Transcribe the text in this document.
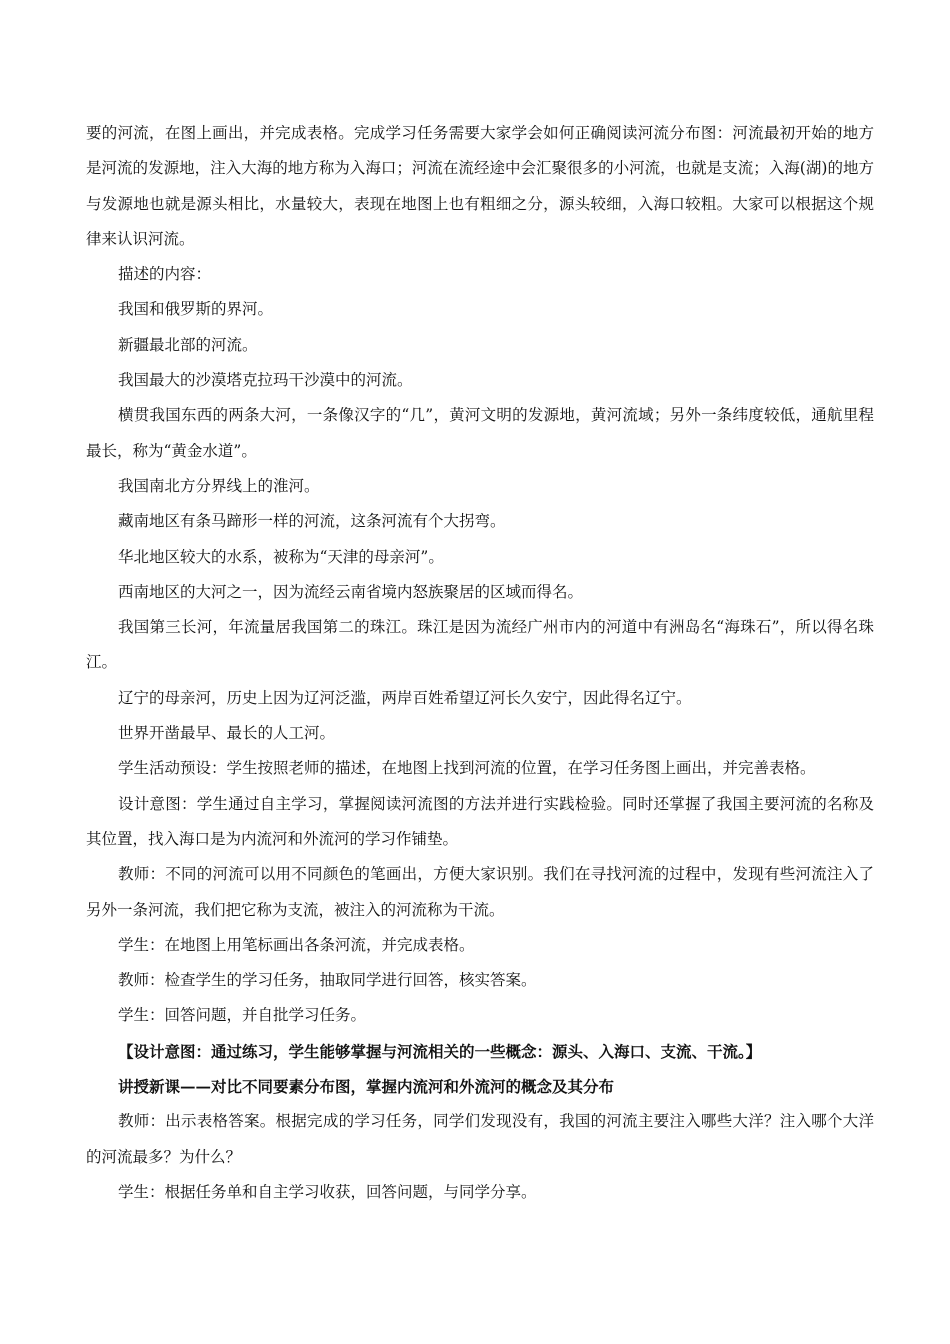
要的河流，在图上画出，并完成表格。完成学习任务需要大家学会如何正确阅读河流分布图：河流最初开始的地方是河流的发源地，注入大海的地方称为入海口；河流在流经途中会汇聚很多的小河流，也就是支流；入海(湖)的地方与发源地也就是源头相比，水量较大，表现在地图上也有粗细之分，源头较细，入海口较粗。大家可以根据这个规律来认识河流。

描述的内容：

我国和俄罗斯的界河。

新疆最北部的河流。

我国最大的沙漠塔克拉玛干沙漠中的河流。

横贯我国东西的两条大河，一条像汉字的“几”，黄河文明的发源地，黄河流域；另外一条纬度较低，通航里程最长，称为“黄金水道”。

我国南北方分界线上的淮河。

藏南地区有条马蹄形一样的河流，这条河流有个大拐弯。

华北地区较大的水系，被称为“天津的母亲河”。

西南地区的大河之一，因为流经云南省境内怒族聚居的区域而得名。

我国第三长河，年流量居我国第二的珠江。珠江是因为流经广州市内的河道中有洲岛名“海珠石”，所以得名珠江。

辽宁的母亲河，历史上因为辽河泛滥，两岸百姓希望辽河长久安宁，因此得名辽宁。

世界开凿最早、最长的人工河。

学生活动预设：学生按照老师的描述，在地图上找到河流的位置，在学习任务图上画出，并完善表格。

设计意图：学生通过自主学习，掌握阅读河流图的方法并进行实践检验。同时还掌握了我国主要河流的名称及其位置，找入海口是为内流河和外流河的学习作铺垫。

教师：不同的河流可以用不同颜色的笔画出，方便大家识别。我们在寻找河流的过程中，发现有些河流注入了另外一条河流，我们把它称为支流，被注入的河流称为干流。

学生：在地图上用笔标画出各条河流，并完成表格。

教师：检查学生的学习任务，抽取同学进行回答，核实答案。

学生：回答问题，并自批学习任务。

【设计意图：通过练习，学生能够掌握与河流相关的一些概念：源头、入海口、支流、干流。】

讲授新课——对比不同要素分布图，掌握内流河和外流河的概念及其分布

教师：出示表格答案。根据完成的学习任务，同学们发现没有，我国的河流主要注入哪些大洋？注入哪个大洋的河流最多？为什么？

学生：根据任务单和自主学习收获，回答问题，与同学分享。
